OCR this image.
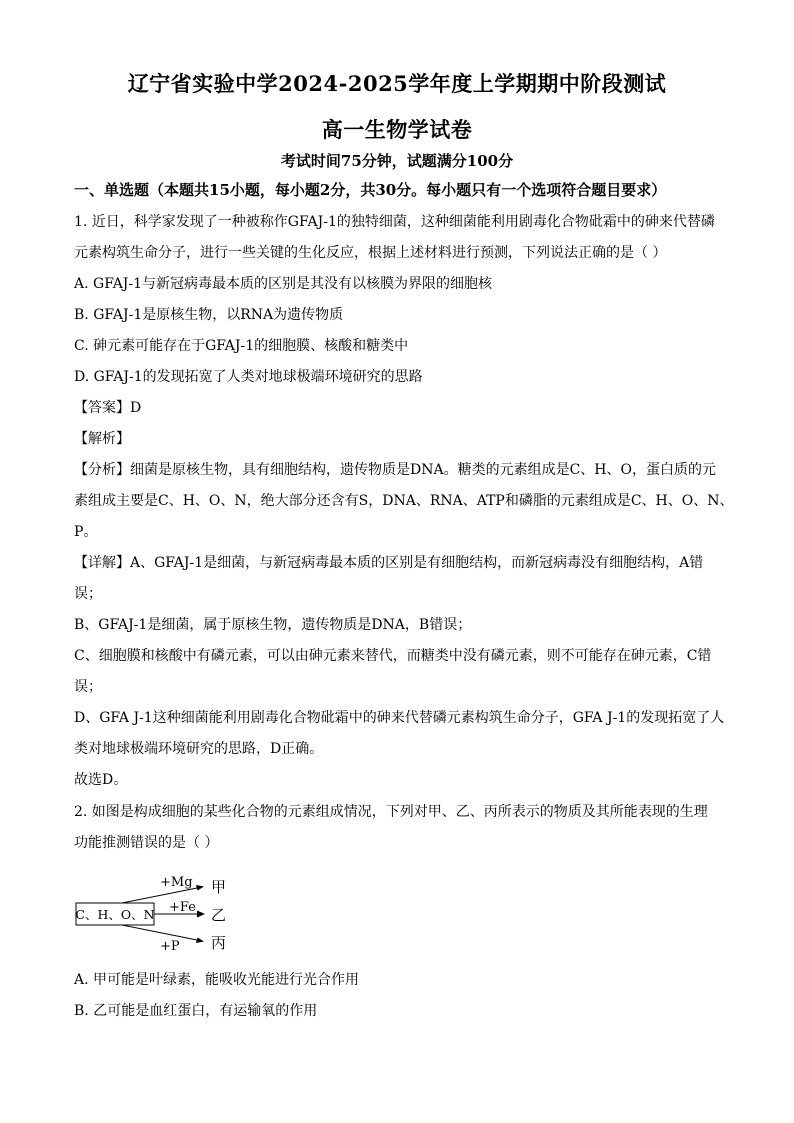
辽宁省实验中学2024-2025学年度上学期期中阶段测试
高一生物学试卷
考试时间75分钟，试题满分100分
一、单选题（本题共15小题，每小题2分，共30分。每小题只有一个选项符合题目要求）
1. 近日，科学家发现了一种被称作GFAJ-1的独特细菌，这种细菌能利用剧毒化合物砒霜中的砷来代替磷
元素构筑生命分子，进行一些关键的生化反应，根据上述材料进行预测，下列说法正确的是（ ）
A. GFAJ-1与新冠病毒最本质的区别是其没有以核膜为界限的细胞核
B. GFAJ-1是原核生物，以RNA为遗传物质
C. 砷元素可能存在于GFAJ-1的细胞膜、核酸和糖类中
D. GFAJ-1的发现拓宽了人类对地球极端环境研究的思路
【答案】D
【解析】
【分析】细菌是原核生物，具有细胞结构，遗传物质是DNA。糖类的元素组成是C、H、O，蛋白质的元
素组成主要是C、H、O、N，绝大部分还含有S，DNA、RNA、ATP和磷脂的元素组成是C、H、O、N、
P。
【详解】A、GFAJ-1是细菌，与新冠病毒最本质的区别是有细胞结构，而新冠病毒没有细胞结构，A错
误；
B、GFAJ-1是细菌，属于原核生物，遗传物质是DNA，B错误；
C、细胞膜和核酸中有磷元素，可以由砷元素来替代，而糖类中没有磷元素，则不可能存在砷元素，C错
误；
D、GFA J-1这种细菌能利用剧毒化合物砒霜中的砷来代替磷元素构筑生命分子，GFA J-1的发现拓宽了人
类对地球极端环境研究的思路，D正确。
故选D。
2. 如图是构成细胞的某些化合物的元素组成情况，下列对甲、乙、丙所表示的物质及其所能表现的生理
功能推测错误的是（ ）
C、H、O、N
+Mg
+Fe
+P
甲
乙
丙
A. 甲可能是叶绿素，能吸收光能进行光合作用
B. 乙可能是血红蛋白，有运输氧的作用
